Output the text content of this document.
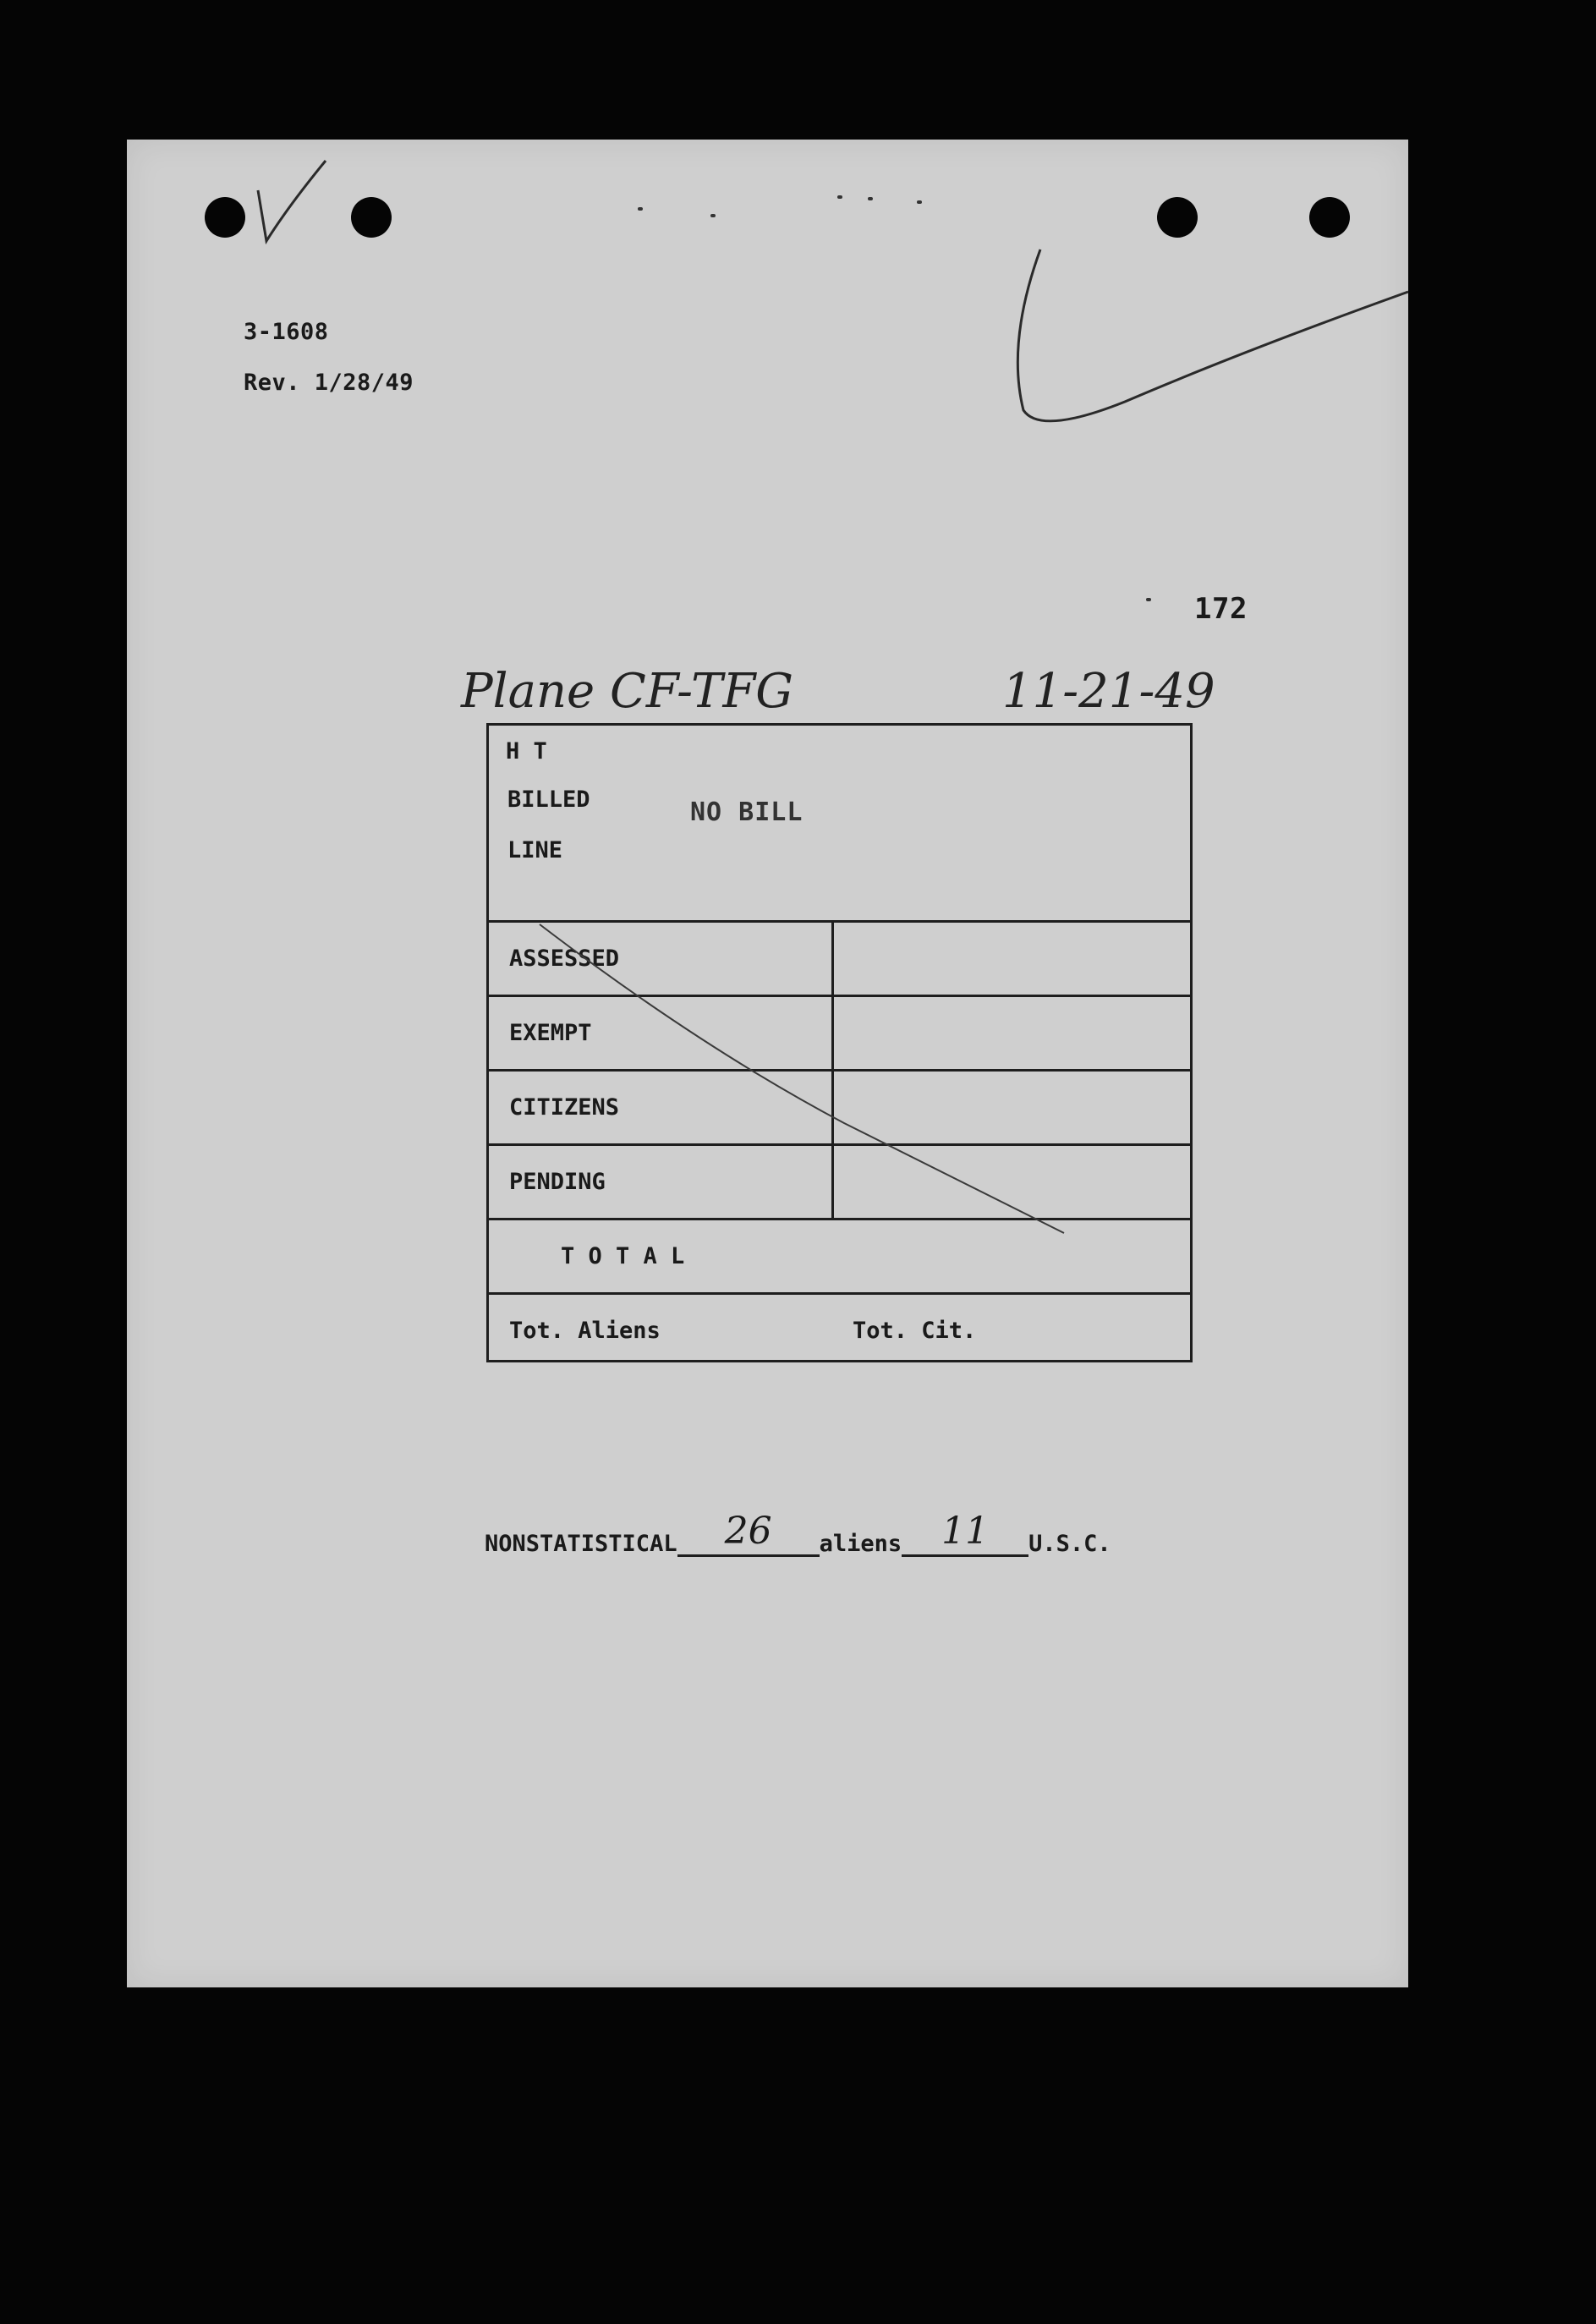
3-1608
Rev. 1/28/49
172
Plane CF-TFG	11-21-49
H T
BILLED
LINE
NO BILL
ASSESSED
EXEMPT
CITIZENS
PENDING
T O T A L
Tot. Aliens	Tot. Cit.
NONSTATISTICAL	26	aliens	11	U.S.C.
